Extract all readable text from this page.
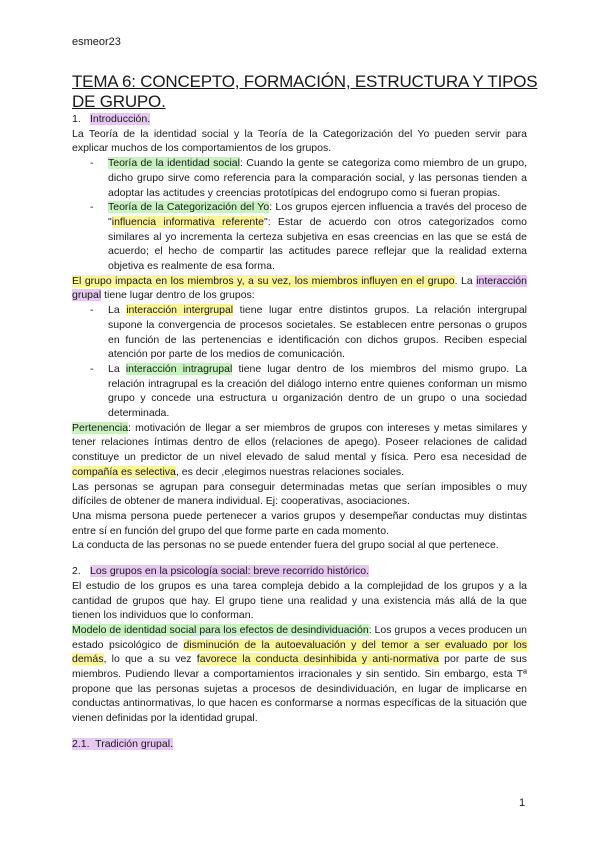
esmeor23
TEMA 6: CONCEPTO, FORMACIÓN, ESTRUCTURA Y TIPOS DE GRUPO.

1. Introducción.

La Teoría de la identidad social y la Teoría de la Categorización del Yo pueden servir para explicar muchos de los comportamientos de los grupos.

- Teoría de la identidad social: Cuando la gente se categoriza como miembro de un grupo, dicho grupo sirve como referencia para la comparación social, y las personas tienden a adoptar las actitudes y creencias prototípicas del endogrupo como si fueran propias.

- Teoría de la Categorización del Yo: Los grupos ejercen influencia a través del proceso de "influencia informativa referente": Estar de acuerdo con otros categorizados como similares al yo incrementa la certeza subjetiva en esas creencias en las que se está de acuerdo; el hecho de compartir las actitudes parece reflejar que la realidad externa objetiva es realmente de esa forma.

El grupo impacta en los miembros y, a su vez, los miembros influyen en el grupo. La interacción grupal tiene lugar dentro de los grupos:

- La interacción intergrupal tiene lugar entre distintos grupos. La relación intergrupal supone la convergencia de procesos societales. Se establecen entre personas o grupos en función de las pertenencias e identificación con dichos grupos. Reciben especial atención por parte de los medios de comunicación.

- La interacción intragrupal tiene lugar dentro de los miembros del mismo grupo. La relación intragrupal es la creación del diálogo interno entre quienes conforman un mismo grupo y concede una estructura u organización dentro de un grupo o una sociedad determinada.

Pertenencia: motivación de llegar a ser miembros de grupos con intereses y metas similares y tener relaciones íntimas dentro de ellos (relaciones de apego). Poseer relaciones de calidad constituye un predictor de un nivel elevado de salud mental y física. Pero esa necesidad de compañía es selectiva, es decir ,elegimos nuestras relaciones sociales.

Las personas se agrupan para conseguir determinadas metas que serían imposibles o muy difíciles de obtener de manera individual. Ej: cooperativas, asociaciones.

Una misma persona puede pertenecer a varios grupos y desempeñar conductas muy distintas entre sí en función del grupo del que forme parte en cada momento.

La conducta de las personas no se puede entender fuera del grupo social al que pertenece.

2. Los grupos en la psicología social: breve recorrido histórico.

El estudio de los grupos es una tarea compleja debido a la complejidad de los grupos y a la cantidad de grupos que hay. El grupo tiene una realidad y una existencia más allá de la que tienen los individuos que lo conforman.

Modelo de identidad social para los efectos de desindividuación: Los grupos a veces producen un estado psicológico de disminución de la autoevaluación y del temor a ser evaluado por los demás, lo que a su vez favorece la conducta desinhibida y anti-normativa por parte de sus miembros. Pudiendo llevar a comportamientos irracionales y sin sentido. Sin embargo, esta Tª propone que las personas sujetas a procesos de desindividuación, en lugar de implicarse en conductas antinormativas, lo que hacen es conformarse a normas específicas de la situación que vienen definidas por la identidad grupal.

2.1. Tradición grupal.

1
